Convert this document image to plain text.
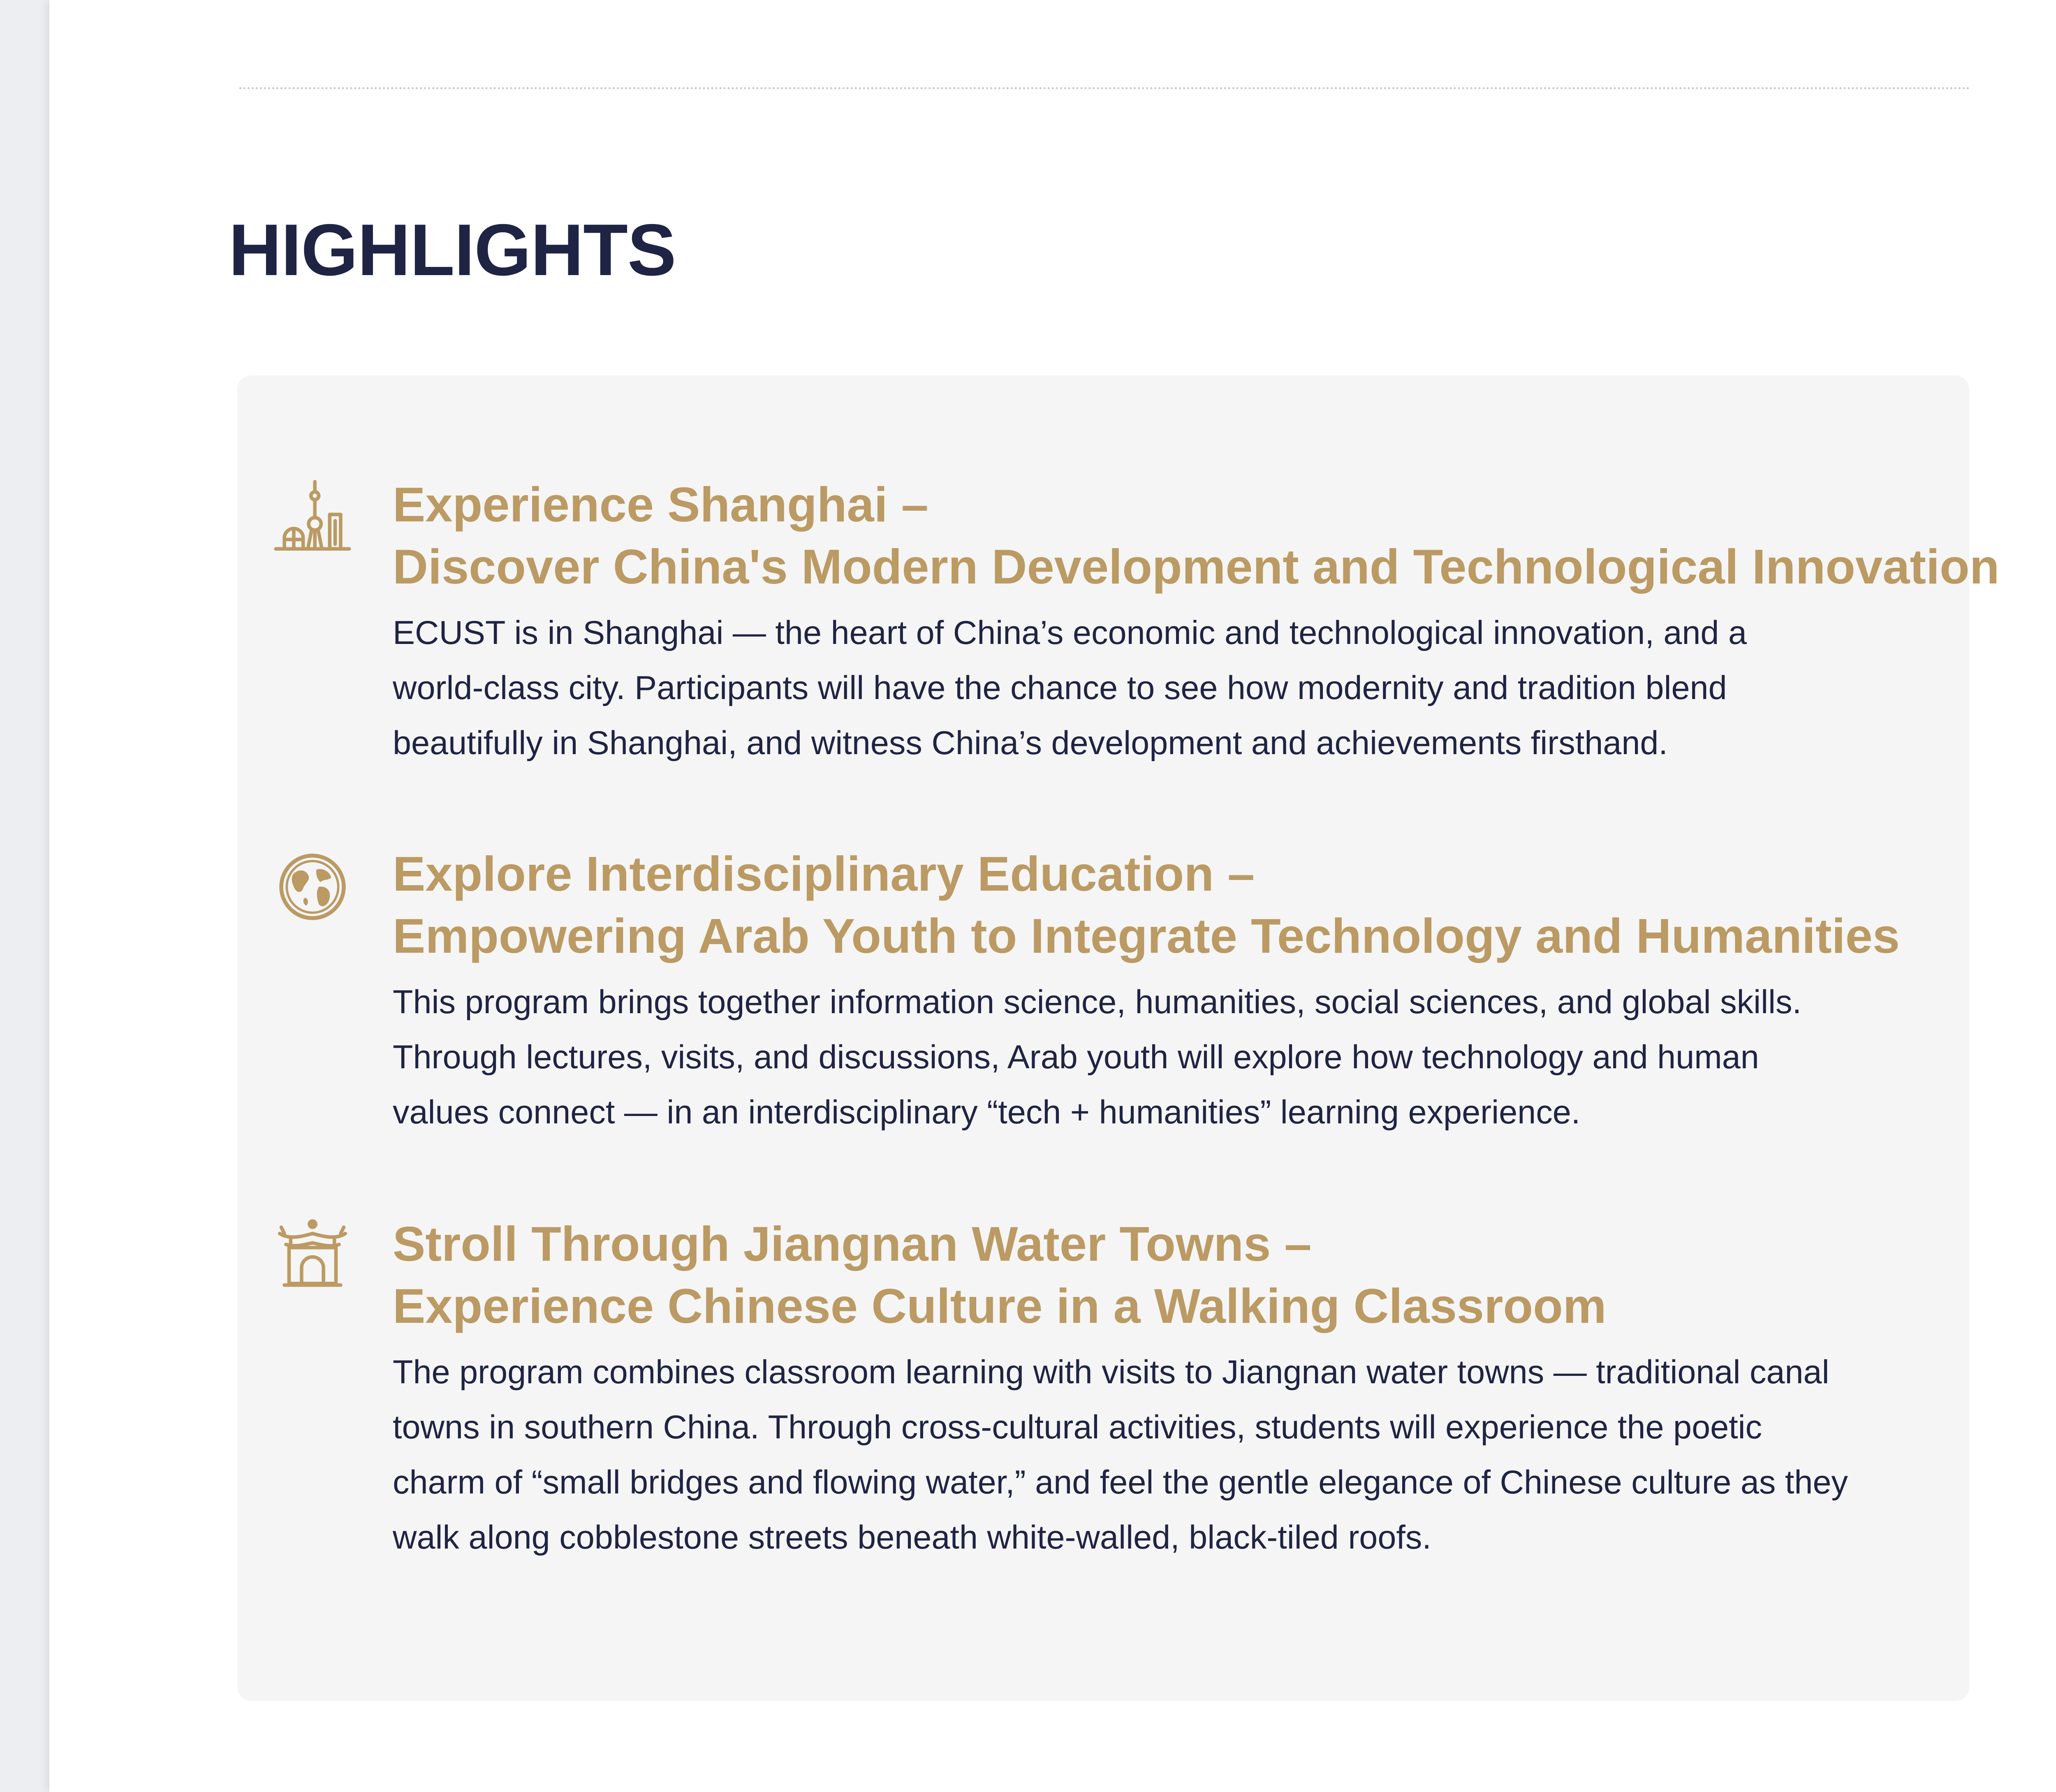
HIGHLIGHTS

Experience Shanghai –
Discover China's Modern Development and Technological Innovation

ECUST is in Shanghai — the heart of China’s economic and technological innovation, and a
world-class city. Participants will have the chance to see how modernity and tradition blend
beautifully in Shanghai, and witness China’s development and achievements firsthand.

Explore Interdisciplinary Education –
Empowering Arab Youth to Integrate Technology and Humanities

This program brings together information science, humanities, social sciences, and global skills.
Through lectures, visits, and discussions, Arab youth will explore how technology and human
values connect — in an interdisciplinary “tech + humanities” learning experience.

Stroll Through Jiangnan Water Towns –
Experience Chinese Culture in a Walking Classroom

The program combines classroom learning with visits to Jiangnan water towns — traditional canal
towns in southern China. Through cross-cultural activities, students will experience the poetic
charm of “small bridges and flowing water,” and feel the gentle elegance of Chinese culture as they
walk along cobblestone streets beneath white-walled, black-tiled roofs.
